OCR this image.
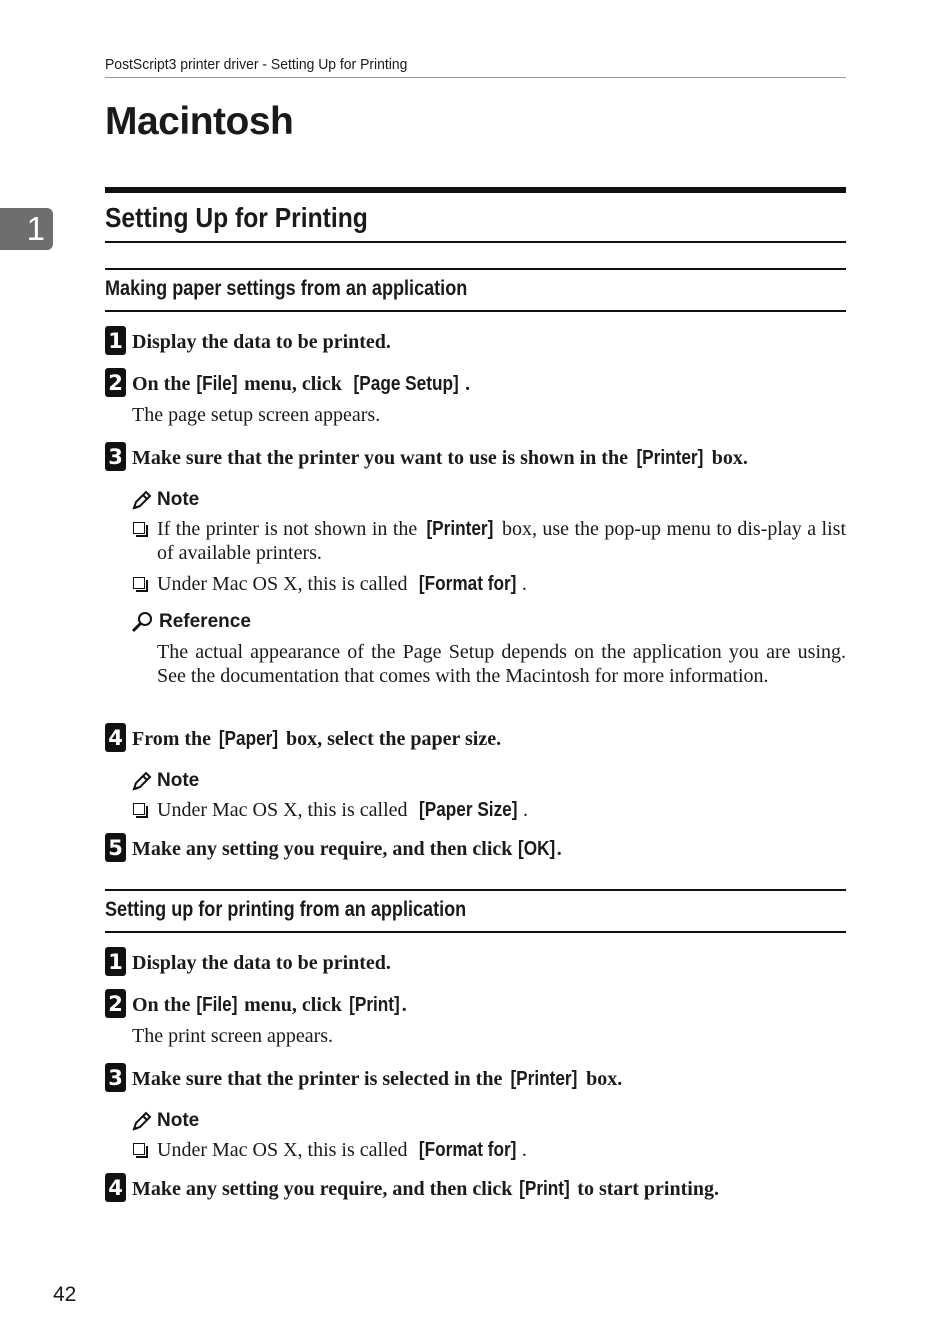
PostScript3 printer driver - Setting Up for Printing
Macintosh
1 Setting Up for Printing
Making paper settings from an application
1 Display the data to be printed.
2 On the [File] menu, click [Page Setup] .
The page setup screen appears.
3 Make sure that the printer you want to use is shown in the [Printer] box.
Note
If the printer is not shown in the [Printer] box, use the pop-up menu to dis-play a list of available printers.
Under Mac OS X, this is called [Format for] .
Reference
The actual appearance of the Page Setup depends on the application you are using. See the documentation that comes with the Macintosh for more information.
4 From the [Paper] box, select the paper size.
Note
Under Mac OS X, this is called [Paper Size] .
5 Make any setting you require, and then click [OK].
Setting up for printing from an application
1 Display the data to be printed.
2 On the [File] menu, click [Print] .
The print screen appears.
3 Make sure that the printer is selected in the [Printer] box.
Note
Under Mac OS X, this is called [Format for] .
4 Make any setting you require, and then click [Print] to start printing.
42
